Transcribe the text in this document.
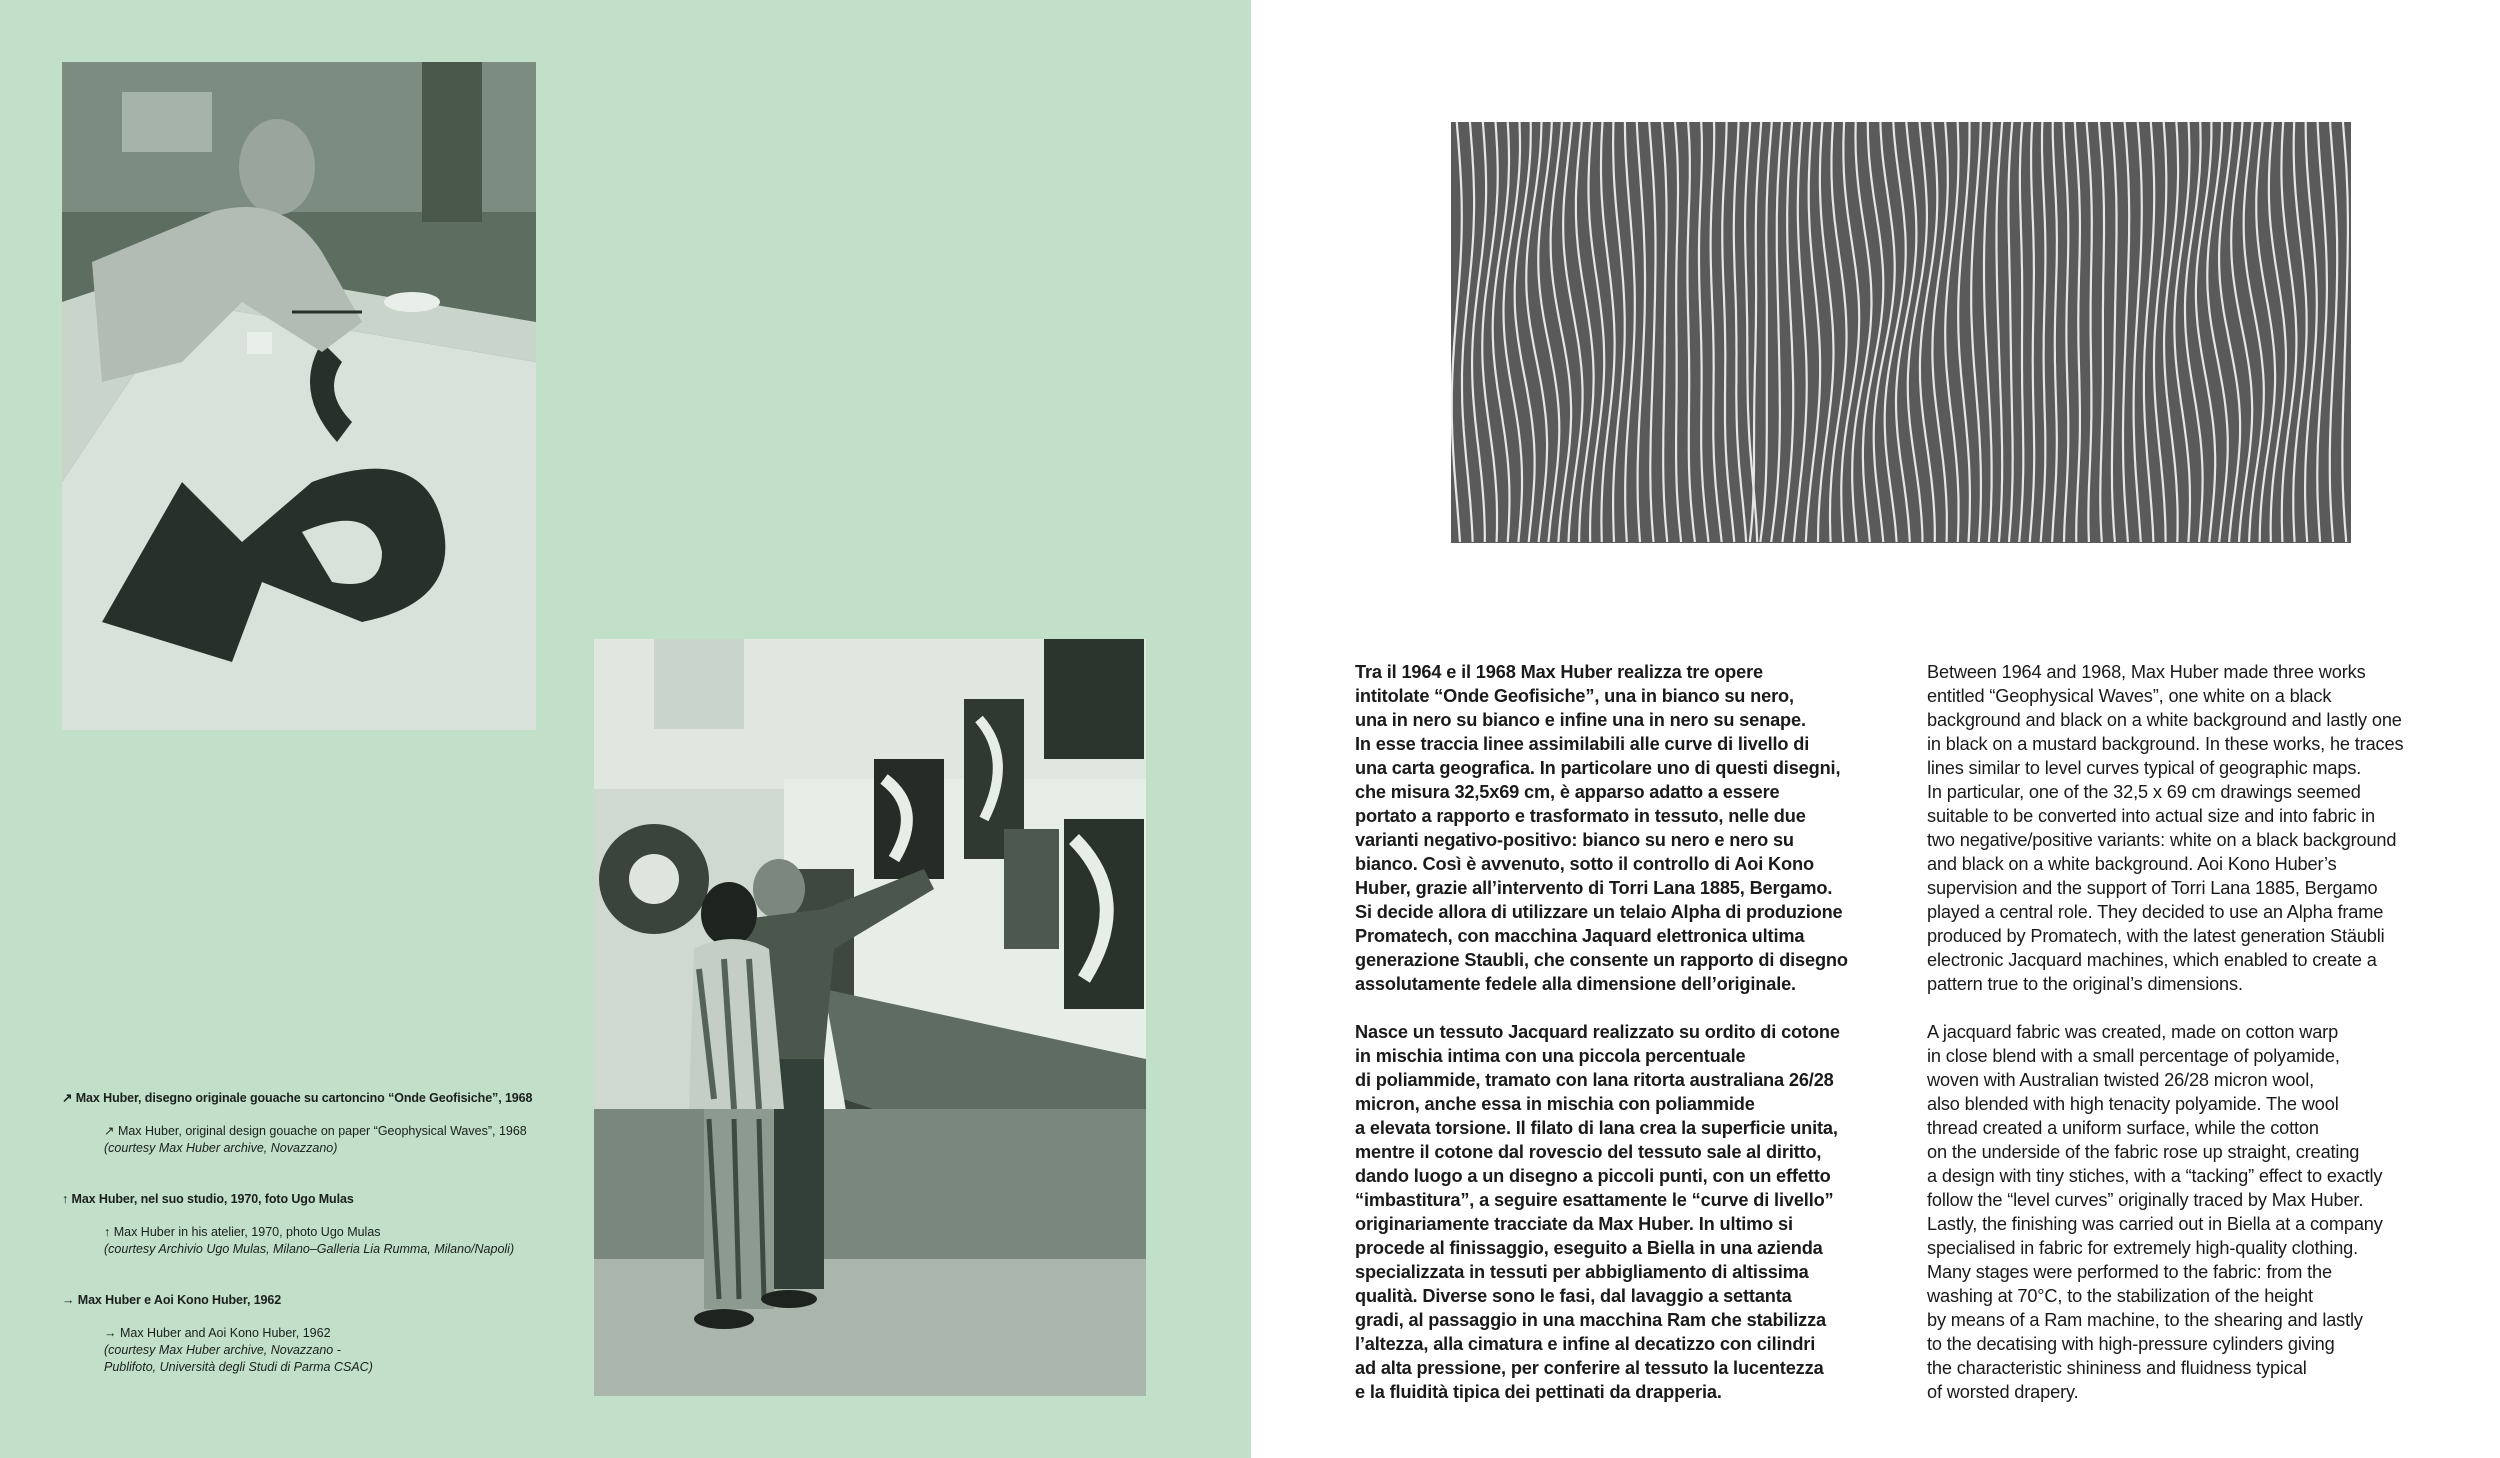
↗ Max Huber, disegno originale gouache su cartoncino “Onde Geofisiche”, 1968
↗ Max Huber, original design gouache on paper “Geophysical Waves”, 1968
(courtesy Max Huber archive, Novazzano)
↑ Max Huber, nel suo studio, 1970, foto Ugo Mulas
↑ Max Huber in his atelier, 1970, photo Ugo Mulas
(courtesy Archivio Ugo Mulas, Milano–Galleria Lia Rumma, Milano/Napoli)
→ Max Huber e Aoi Kono Huber, 1962
→ Max Huber and Aoi Kono Huber, 1962
(courtesy Max Huber archive, Novazzano -
Publifoto, Università degli Studi di Parma CSAC)

Tra il 1964 e il 1968 Max Huber realizza tre opere
intitolate “Onde Geofisiche”, una in bianco su nero,
una in nero su bianco e infine una in nero su senape.
In esse traccia linee assimilabili alle curve di livello di
una carta geografica. In particolare uno di questi disegni,
che misura 32,5x69 cm, è apparso adatto a essere
portato a rapporto e trasformato in tessuto, nelle due
varianti negativo-positivo: bianco su nero e nero su
bianco. Così è avvenuto, sotto il controllo di Aoi Kono
Huber, grazie all’intervento di Torri Lana 1885, Bergamo.
Si decide allora di utilizzare un telaio Alpha di produzione
Promatech, con macchina Jaquard elettronica ultima
generazione Staubli, che consente un rapporto di disegno
assolutamente fedele alla dimensione dell’originale.

Nasce un tessuto Jacquard realizzato su ordito di cotone
in mischia intima con una piccola percentuale
di poliammide, tramato con lana ritorta australiana 26/28
micron, anche essa in mischia con poliammide
a elevata torsione. Il filato di lana crea la superficie unita,
mentre il cotone dal rovescio del tessuto sale al diritto,
dando luogo a un disegno a piccoli punti, con un effetto
“imbastitura”, a seguire esattamente le “curve di livello”
originariamente tracciate da Max Huber. In ultimo si
procede al finissaggio, eseguito a Biella in una azienda
specializzata in tessuti per abbigliamento di altissima
qualità. Diverse sono le fasi, dal lavaggio a settanta
gradi, al passaggio in una macchina Ram che stabilizza
l’altezza, alla cimatura e infine al decatizzo con cilindri
ad alta pressione, per conferire al tessuto la lucentezza
e la fluidità tipica dei pettinati da drapperia.

Between 1964 and 1968, Max Huber made three works
entitled “Geophysical Waves”, one white on a black
background and black on a white background and lastly one
in black on a mustard background. In these works, he traces
lines similar to level curves typical of geographic maps.
In particular, one of the 32,5 x 69 cm drawings seemed
suitable to be converted into actual size and into fabric in
two negative/positive variants: white on a black background
and black on a white background. Aoi Kono Huber’s
supervision and the support of Torri Lana 1885, Bergamo
played a central role. They decided to use an Alpha frame
produced by Promatech, with the latest generation Stäubli
electronic Jacquard machines, which enabled to create a
pattern true to the original’s dimensions.

A jacquard fabric was created, made on cotton warp
in close blend with a small percentage of polyamide,
woven with Australian twisted 26/28 micron wool,
also blended with high tenacity polyamide. The wool
thread created a uniform surface, while the cotton
on the underside of the fabric rose up straight, creating
a design with tiny stiches, with a “tacking” effect to exactly
follow the “level curves” originally traced by Max Huber.
Lastly, the finishing was carried out in Biella at a company
specialised in fabric for extremely high-quality clothing.
Many stages were performed to the fabric: from the
washing at 70°C, to the stabilization of the height
by means of a Ram machine, to the shearing and lastly
to the decatising with high-pressure cylinders giving
the characteristic shininess and fluidness typical
of worsted drapery.
